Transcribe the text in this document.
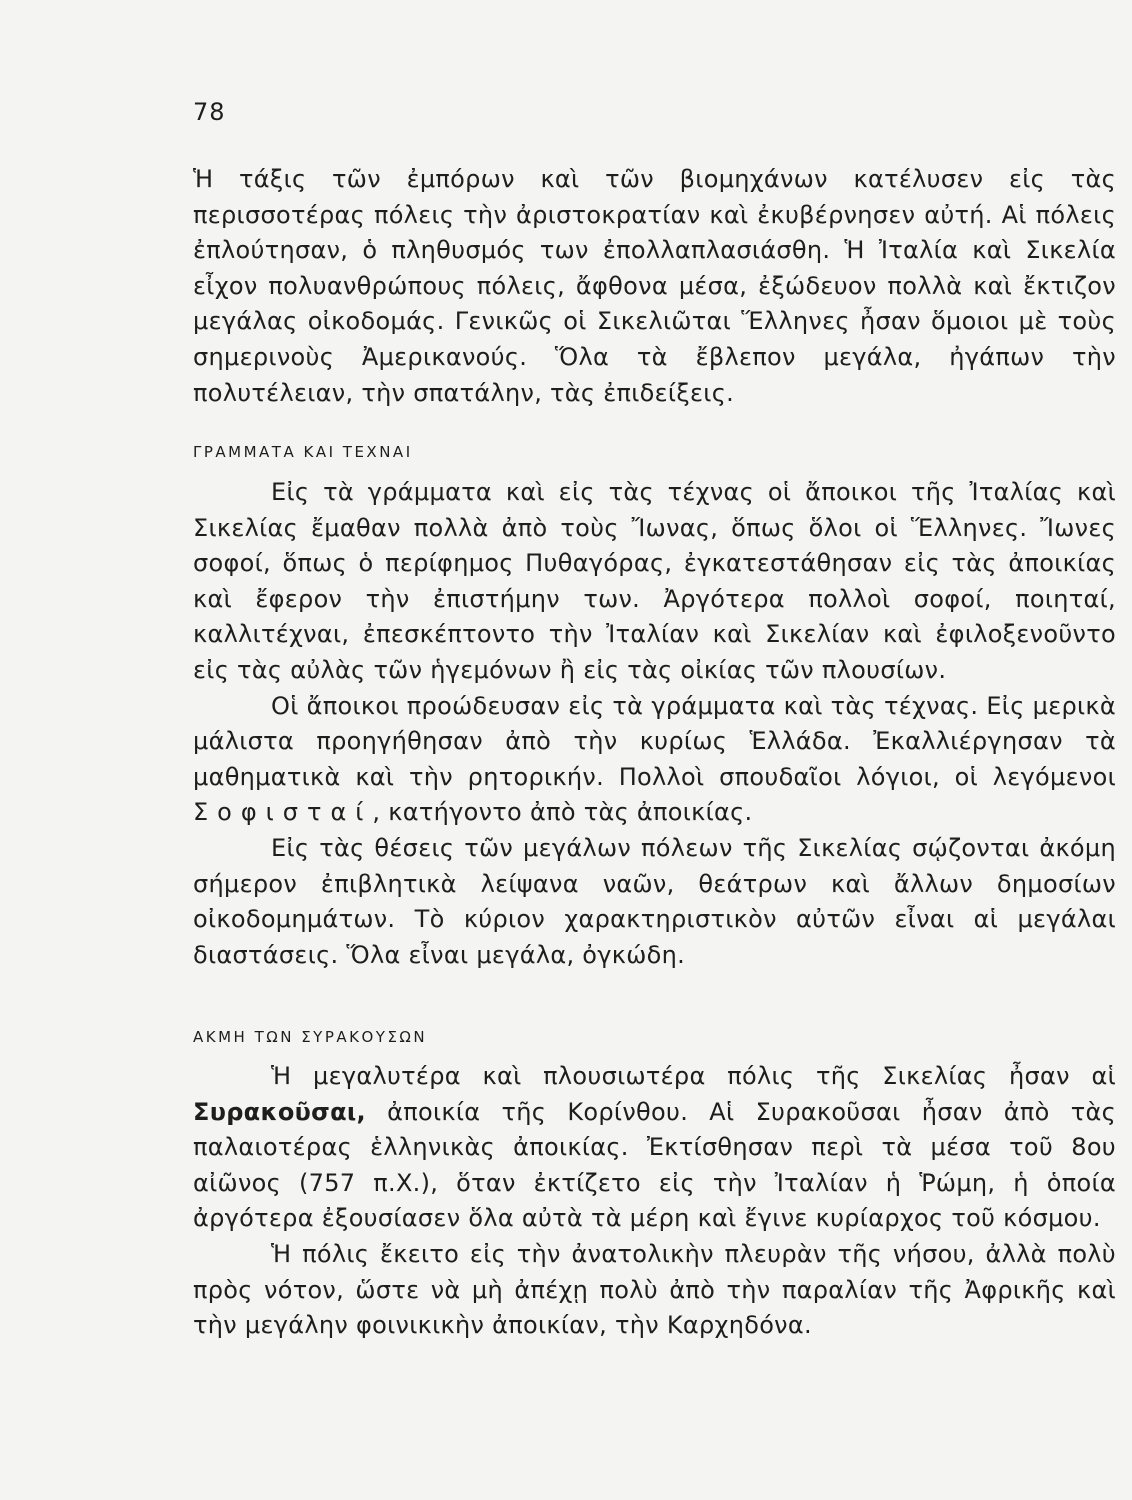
78

Ἡ τάξις τῶν ἐμπόρων καὶ τῶν βιομηχάνων κατέλυσεν εἰς τὰς περισσοτέρας πόλεις τὴν ἀριστοκρατίαν καὶ ἐκυβέρνησεν αὐτή. Αἱ πόλεις ἐπλούτησαν, ὁ πληθυσμός των ἐπολλαπλασιάσθη. Ἡ Ἰταλία καὶ Σικελία εἶχον πολυανθρώπους πόλεις, ἄφθονα μέσα, ἐξώδευον πολλὰ καὶ ἔκτιζον μεγάλας οἰκοδομάς. Γενικῶς οἱ Σικελιῶται Ἕλληνες ἦσαν ὅμοιοι μὲ τοὺς σημερινοὺς Ἀμερικανούς. Ὅλα τὰ ἔβλεπον μεγάλα, ἠγάπων τὴν πολυτέλειαν, τὴν σπατάλην, τὰς ἐπιδείξεις.

ΓΡΑΜΜΑΤΑ ΚΑΙ ΤΕΧΝΑΙ

Εἰς τὰ γράμματα καὶ εἰς τὰς τέχνας οἱ ἄποικοι τῆς Ἰταλίας καὶ Σικελίας ἔμαθαν πολλὰ ἀπὸ τοὺς Ἴωνας, ὅπως ὅλοι οἱ Ἕλληνες. Ἴωνες σοφοί, ὅπως ὁ περίφημος Πυθαγόρας, ἐγκατεστάθησαν εἰς τὰς ἀποικίας καὶ ἔφερον τὴν ἐπιστήμην των. Ἀργότερα πολλοὶ σοφοί, ποιηταί, καλλιτέχναι, ἐπεσκέπτοντο τὴν Ἰταλίαν καὶ Σικελίαν καὶ ἐφιλοξενοῦντο εἰς τὰς αὐλὰς τῶν ἡγεμόνων ἢ εἰς τὰς οἰκίας τῶν πλουσίων.

Οἱ ἄποικοι προώδευσαν εἰς τὰ γράμματα καὶ τὰς τέχνας. Εἰς μερικὰ μάλιστα προηγήθησαν ἀπὸ τὴν κυρίως Ἑλλάδα. Ἐκαλλιέργησαν τὰ μαθηματικὰ καὶ τὴν ρητορικήν. Πολλοὶ σπουδαῖοι λόγιοι, οἱ λεγόμενοι Σοφισταί, κατήγοντο ἀπὸ τὰς ἀποικίας.

Εἰς τὰς θέσεις τῶν μεγάλων πόλεων τῆς Σικελίας σῴζονται ἀκόμη σήμερον ἐπιβλητικὰ λείψανα ναῶν, θεάτρων καὶ ἄλλων δημοσίων οἰκοδομημάτων. Τὸ κύριον χαρακτηριστικὸν αὐτῶν εἶναι αἱ μεγάλαι διαστάσεις. Ὅλα εἶναι μεγάλα, ὀγκώδη.

ΑΚΜΗ ΤΩΝ ΣΥΡΑΚΟΥΣΩΝ

Ἡ μεγαλυτέρα καὶ πλουσιωτέρα πόλις τῆς Σικελίας ἦσαν αἱ Συρακοῦσαι, ἀποικία τῆς Κορίνθου. Αἱ Συρακοῦσαι ἦσαν ἀπὸ τὰς παλαιοτέρας ἑλληνικὰς ἀποικίας. Ἐκτίσθησαν περὶ τὰ μέσα τοῦ 8ου αἰῶνος (757 π.Χ.), ὅταν ἐκτίζετο εἰς τὴν Ἰταλίαν ἡ Ῥώμη, ἡ ὁποία ἀργότερα ἐξουσίασεν ὅλα αὐτὰ τὰ μέρη καὶ ἔγινε κυρίαρχος τοῦ κόσμου.

Ἡ πόλις ἔκειτο εἰς τὴν ἀνατολικὴν πλευρὰν τῆς νήσου, ἀλλὰ πολὺ πρὸς νότον, ὥστε νὰ μὴ ἀπέχῃ πολὺ ἀπὸ τὴν παραλίαν τῆς Ἀφρικῆς καὶ τὴν μεγάλην φοινικικὴν ἀποικίαν, τὴν Καρχηδόνα.
